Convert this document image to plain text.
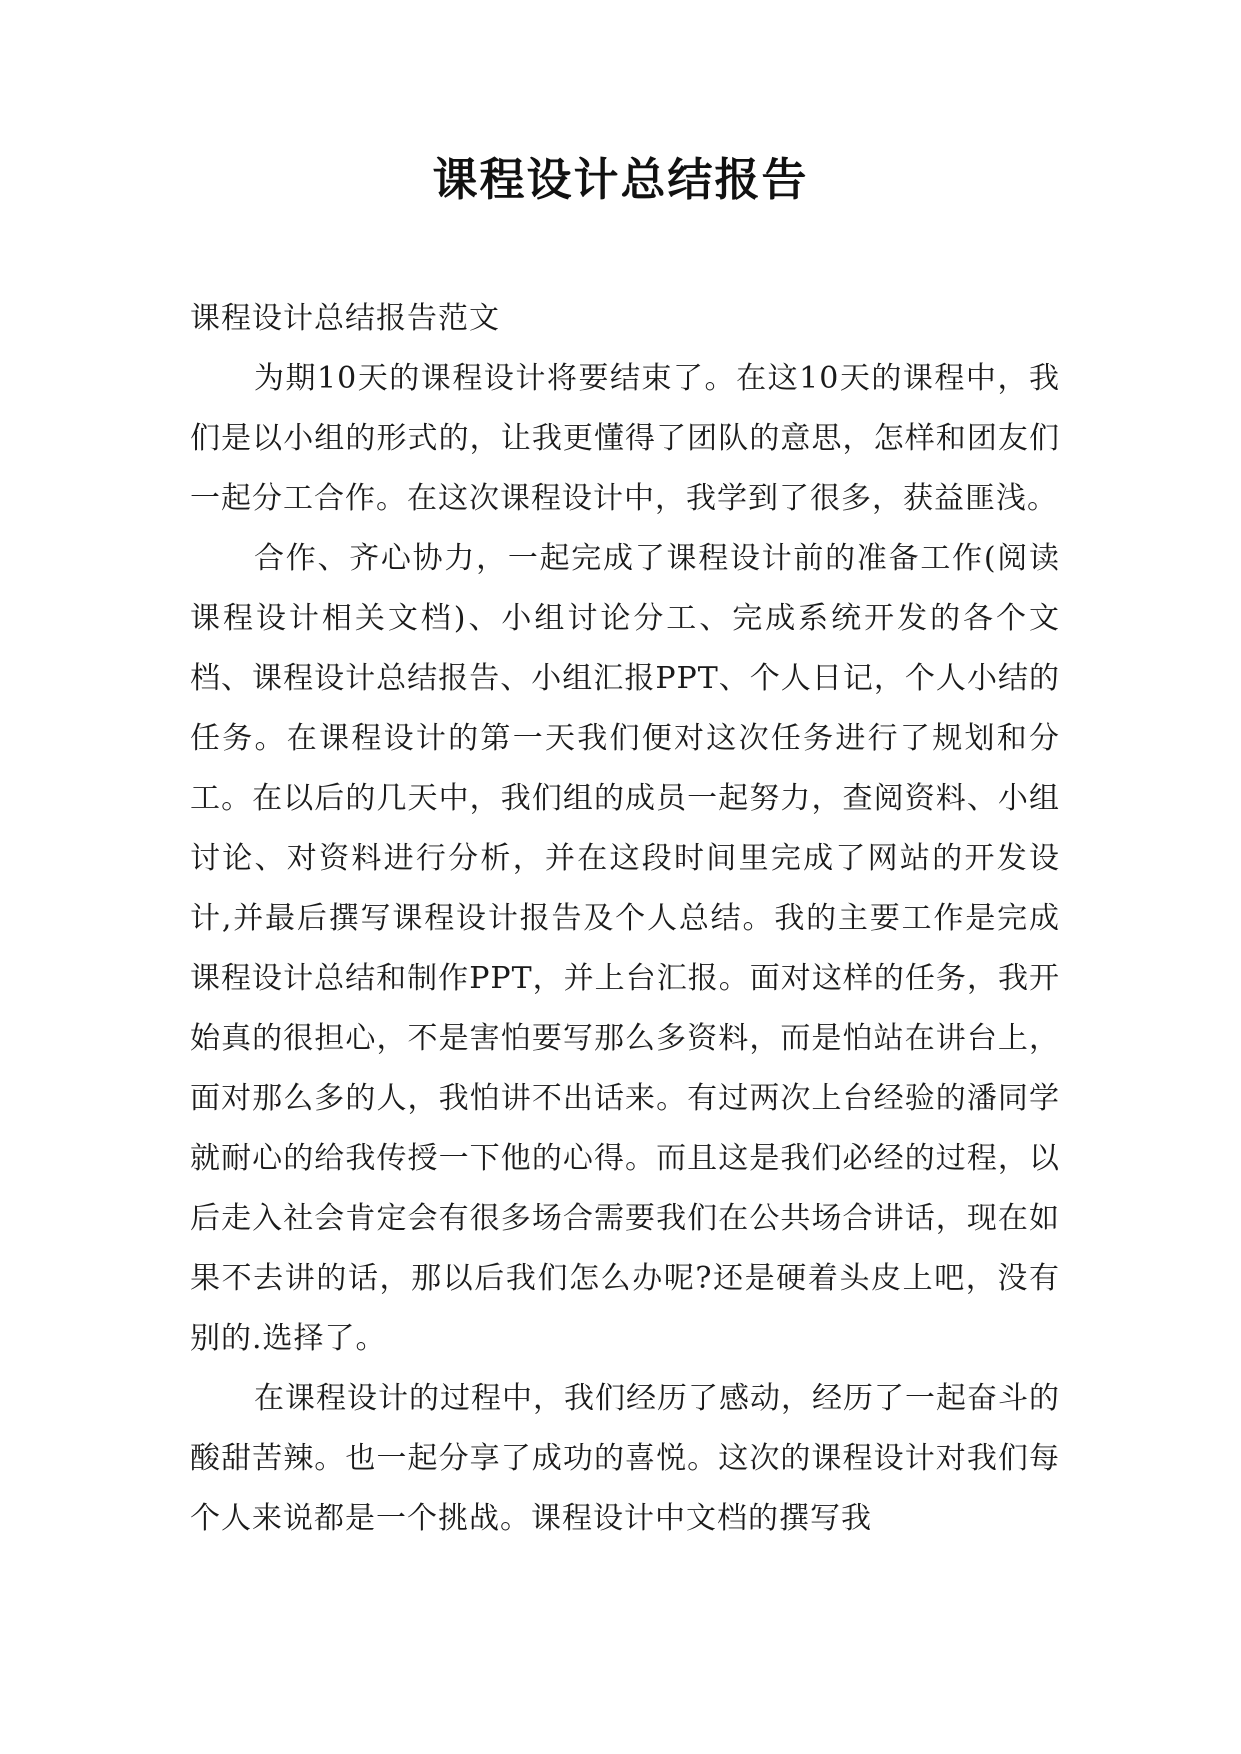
课程设计总结报告

课程设计总结报告范文

为期10天的课程设计将要结束了。在这10天的课程中，我们是以小组的形式的，让我更懂得了团队的意思，怎样和团友们一起分工合作。在这次课程设计中，我学到了很多，获益匪浅。

合作、齐心协力，一起完成了课程设计前的准备工作(阅读课程设计相关文档)、小组讨论分工、完成系统开发的各个文档、课程设计总结报告、小组汇报PPT、个人日记，个人小结的任务。在课程设计的第一天我们便对这次任务进行了规划和分工。在以后的几天中，我们组的成员一起努力，查阅资料、小组讨论、对资料进行分析，并在这段时间里完成了网站的开发设计,并最后撰写课程设计报告及个人总结。我的主要工作是完成课程设计总结和制作PPT，并上台汇报。面对这样的任务，我开始真的很担心，不是害怕要写那么多资料，而是怕站在讲台上，面对那么多的人，我怕讲不出话来。有过两次上台经验的潘同学就耐心的给我传授一下他的心得。而且这是我们必经的过程，以后走入社会肯定会有很多场合需要我们在公共场合讲话，现在如果不去讲的话，那以后我们怎么办呢?还是硬着头皮上吧，没有别的.选择了。

在课程设计的过程中，我们经历了感动，经历了一起奋斗的酸甜苦辣。也一起分享了成功的喜悦。这次的课程设计对我们每个人来说都是一个挑战。课程设计中文档的撰写我
